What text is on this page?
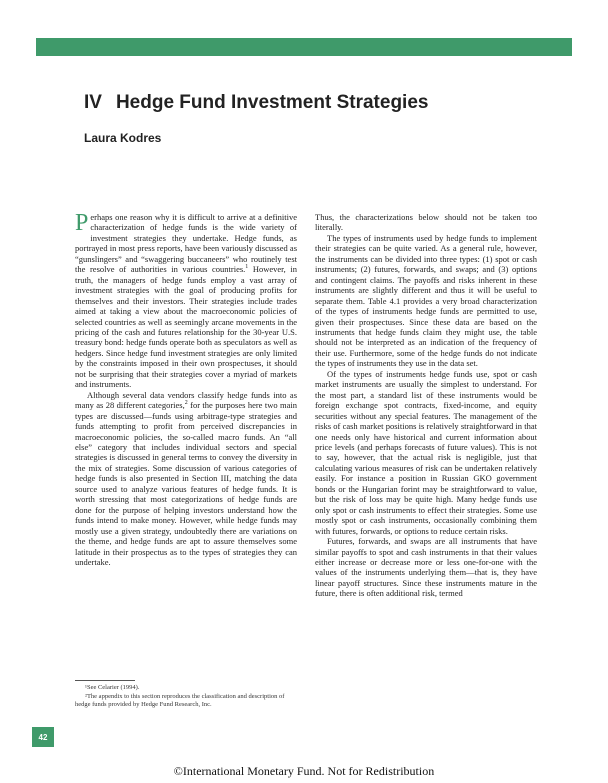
IV Hedge Fund Investment Strategies
Laura Kodres

Perhaps one reason why it is difficult to arrive at a definitive characterization of hedge funds is the wide variety of investment strategies they undertake. Hedge funds, as portrayed in most press reports, have been variously discussed as “gunslingers” and “swaggering buccaneers” who routinely test the resolve of authorities in various countries.$^1$ However, in truth, the managers of hedge funds employ a vast array of investment strategies with the goal of producing profits for themselves and their investors. Their strategies include trades aimed at taking a view about the macroeconomic policies of selected countries as well as seemingly arcane movements in the pricing of the cash and futures relationship for the 30-year U.S. treasury bond: hedge funds operate both as speculators as well as hedgers. Since hedge fund investment strategies are only limited by the constraints imposed in their own prospectuses, it should not be surprising that their strategies cover a myriad of markets and instruments.

Although several data vendors classify hedge funds into as many as 28 different categories,$^2$ for the purposes here two main types are discussed—funds using arbitrage-type strategies and funds attempting to profit from perceived discrepancies in macroeconomic policies, the so-called macro funds. An “all else” category that includes individual sectors and special strategies is discussed in general terms to convey the diversity in the mix of strategies. Some discussion of various categories of hedge funds is also presented in Section III, matching the data source used to analyze various features of hedge funds. It is worth stressing that most categorizations of hedge funds are done for the purpose of helping investors understand how the funds intend to make money. However, while hedge funds may mostly use a given strategy, undoubtedly there are variations on the theme, and hedge funds are apt to assure themselves some latitude in their prospectus as to the types of strategies they can undertake.

Thus, the characterizations below should not be taken too literally.

The types of instruments used by hedge funds to implement their strategies can be quite varied. As a general rule, however, the instruments can be divided into three types: (1) spot or cash instruments; (2) futures, forwards, and swaps; and (3) options and contingent claims. The payoffs and risks inherent in these instruments are slightly different and thus it will be useful to separate them. Table 4.1 provides a very broad characterization of the types of instruments hedge funds are permitted to use, given their prospectuses. Since these data are based on the instruments that hedge funds claim they might use, the table should not be interpreted as an indication of the frequency of their use. Furthermore, some of the hedge funds do not indicate the types of instruments they use in the data set.

Of the types of instruments hedge funds use, spot or cash market instruments are usually the simplest to understand. For the most part, a standard list of these instruments would be foreign exchange spot contracts, fixed-income, and equity securities without any special features. The management of the risks of cash market positions is relatively straightforward in that one needs only have historical and current information about price levels (and perhaps forecasts of future values). This is not to say, however, that the actual risk is negligible, just that calculating various measures of risk can be undertaken relatively easily. For instance a position in Russian GKO government bonds or the Hungarian forint may be straightforward to value, but the risk of loss may be quite high. Many hedge funds use only spot or cash instruments to effect their strategies. Some use mostly spot or cash instruments, occasionally combining them with futures, forwards, or options to reduce certain risks.

Futures, forwards, and swaps are all instruments that have similar payoffs to spot and cash instruments in that their values either increase or decrease more or less one-for-one with the values of the instruments underlying them—that is, they have linear payoff structures. Since these instruments mature in the future, there is often additional risk, termed

¹See Celarier (1994).

²The appendix to this section reproduces the classification and description of hedge funds provided by Hedge Fund Research, Inc.

42
©International Monetary Fund. Not for Redistribution
